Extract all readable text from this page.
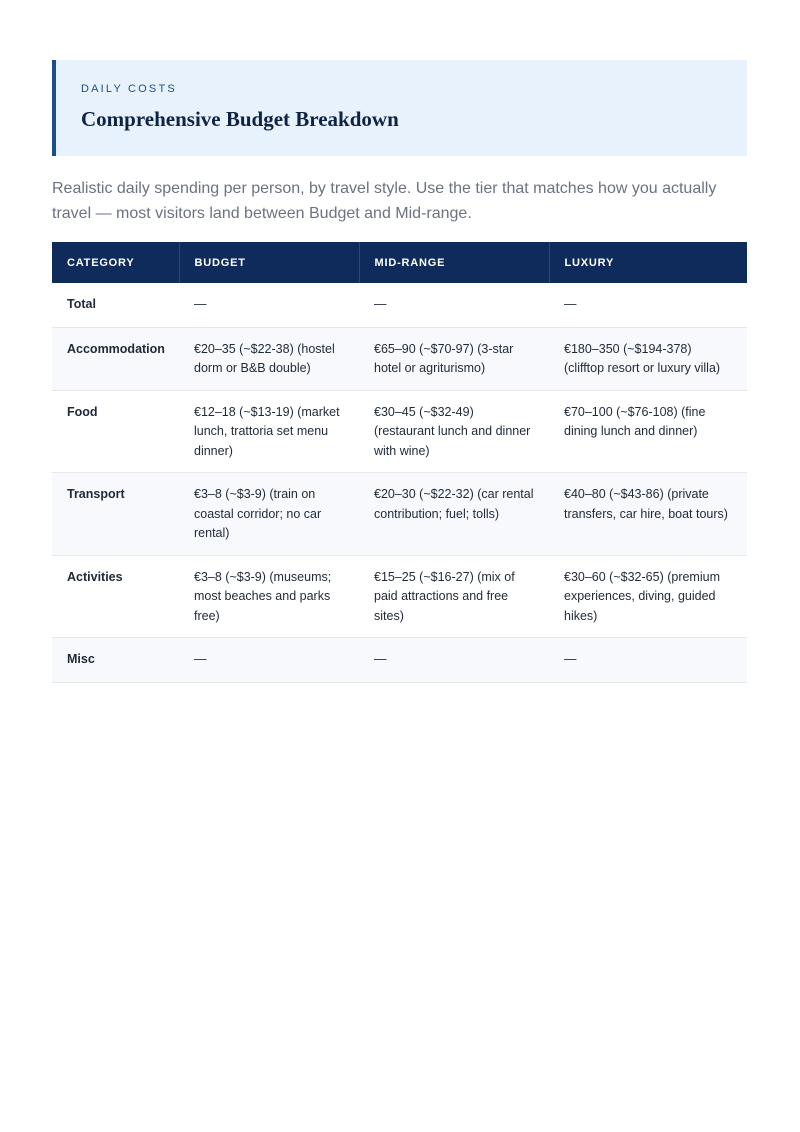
DAILY COSTS
Comprehensive Budget Breakdown

Realistic daily spending per person, by travel style. Use the tier that matches how you actually travel — most visitors land between Budget and Mid-range.

CATEGORY	BUDGET	MID-RANGE	LUXURY
Total	—	—	—
Accommodation	€20–35 (~$22-38) (hostel dorm or B&B double)	€65–90 (~$70-97) (3-star hotel or agriturismo)	€180–350 (~$194-378) (clifftop resort or luxury villa)
Food	€12–18 (~$13-19) (market lunch, trattoria set menu dinner)	€30–45 (~$32-49) (restaurant lunch and dinner with wine)	€70–100 (~$76-108) (fine dining lunch and dinner)
Transport	€3–8 (~$3-9) (train on coastal corridor; no car rental)	€20–30 (~$22-32) (car rental contribution; fuel; tolls)	€40–80 (~$43-86) (private transfers, car hire, boat tours)
Activities	€3–8 (~$3-9) (museums; most beaches and parks free)	€15–25 (~$16-27) (mix of paid attractions and free sites)	€30–60 (~$32-65) (premium experiences, diving, guided hikes)
Misc	—	—	—
